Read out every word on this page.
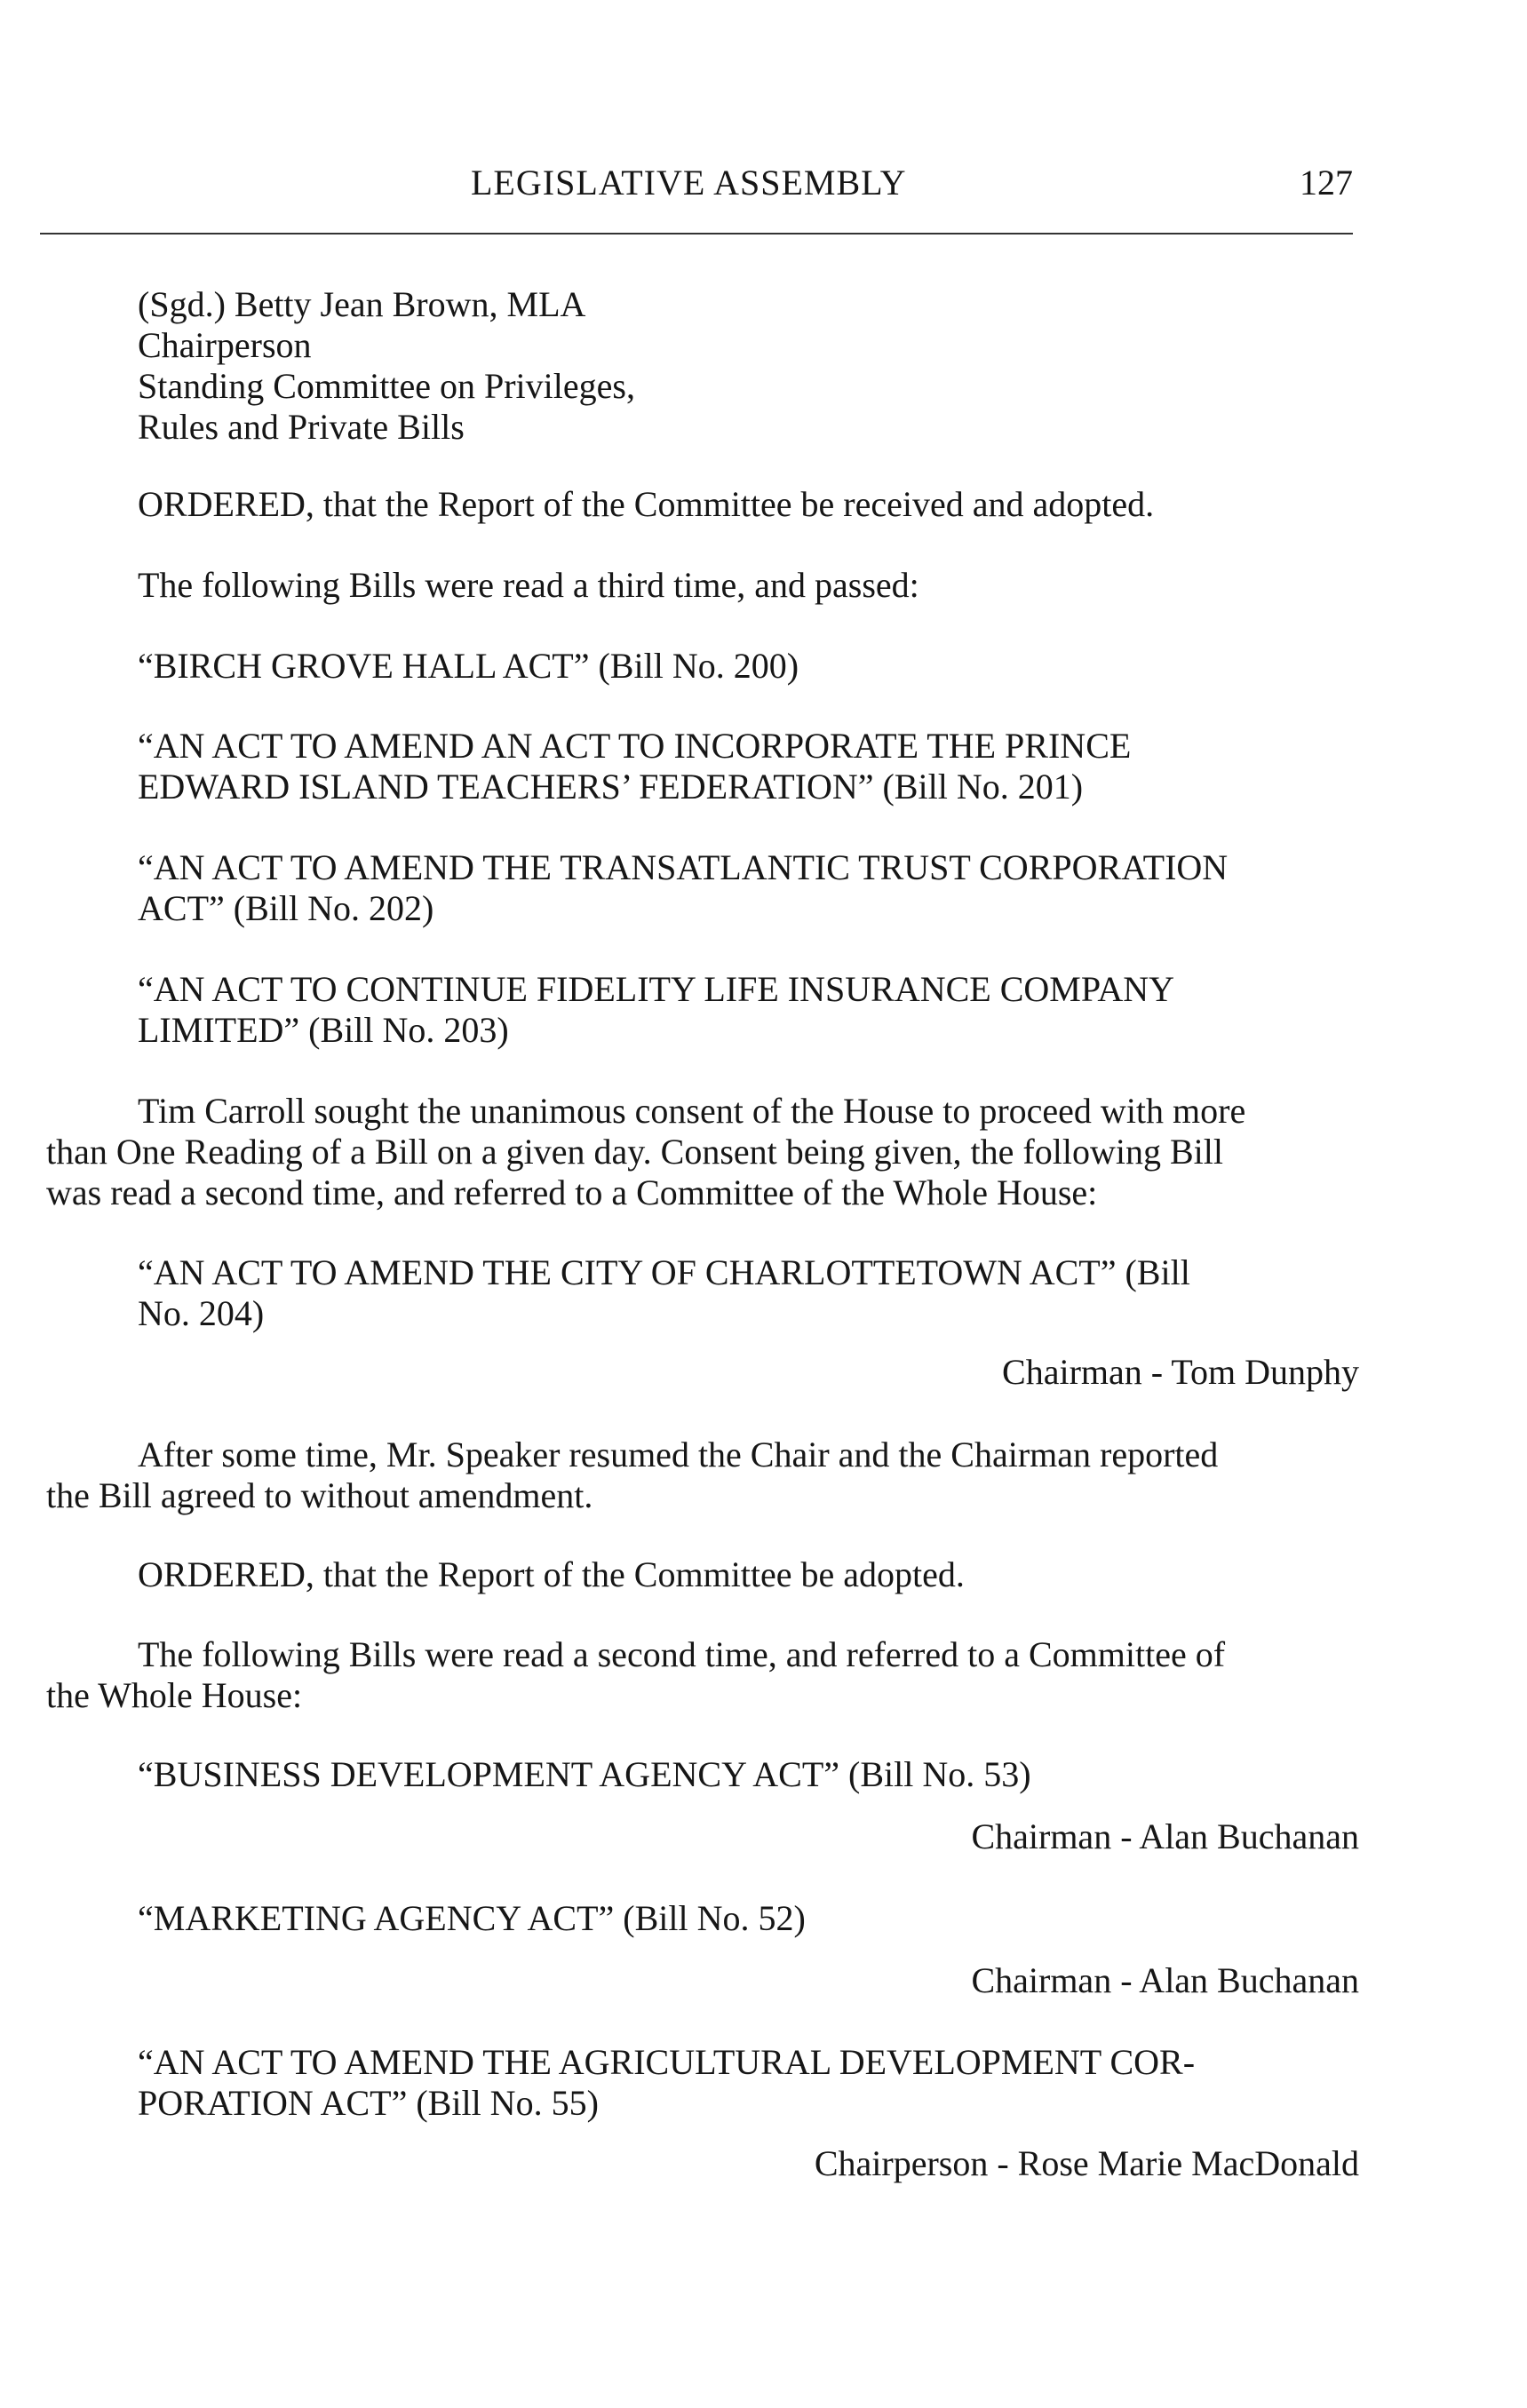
LEGISLATIVE ASSEMBLY	127
(Sgd.) Betty Jean Brown, MLA
Chairperson
Standing Committee on Privileges,
Rules and Private Bills
ORDERED, that the Report of the Committee be received and adopted.
The following Bills were read a third time, and passed:
“BIRCH GROVE HALL ACT” (Bill No. 200)
“AN ACT TO AMEND AN ACT TO INCORPORATE THE PRINCE
EDWARD ISLAND TEACHERS’ FEDERATION” (Bill No. 201)
“AN ACT TO AMEND THE TRANSATLANTIC TRUST CORPORATION
ACT” (Bill No. 202)
“AN ACT TO CONTINUE FIDELITY LIFE INSURANCE COMPANY
LIMITED” (Bill No. 203)
Tim Carroll sought the unanimous consent of the House to proceed with more
than One Reading of a Bill on a given day. Consent being given, the following Bill
was read a second time, and referred to a Committee of the Whole House:
“AN ACT TO AMEND THE CITY OF CHARLOTTETOWN ACT” (Bill
No. 204)
Chairman - Tom Dunphy
After some time, Mr. Speaker resumed the Chair and the Chairman reported
the Bill agreed to without amendment.
ORDERED, that the Report of the Committee be adopted.
The following Bills were read a second time, and referred to a Committee of
the Whole House:
“BUSINESS DEVELOPMENT AGENCY ACT” (Bill No. 53)
Chairman - Alan Buchanan
“MARKETING AGENCY ACT” (Bill No. 52)
Chairman - Alan Buchanan
“AN ACT TO AMEND THE AGRICULTURAL DEVELOPMENT COR-
PORATION ACT” (Bill No. 55)
Chairperson - Rose Marie MacDonald
